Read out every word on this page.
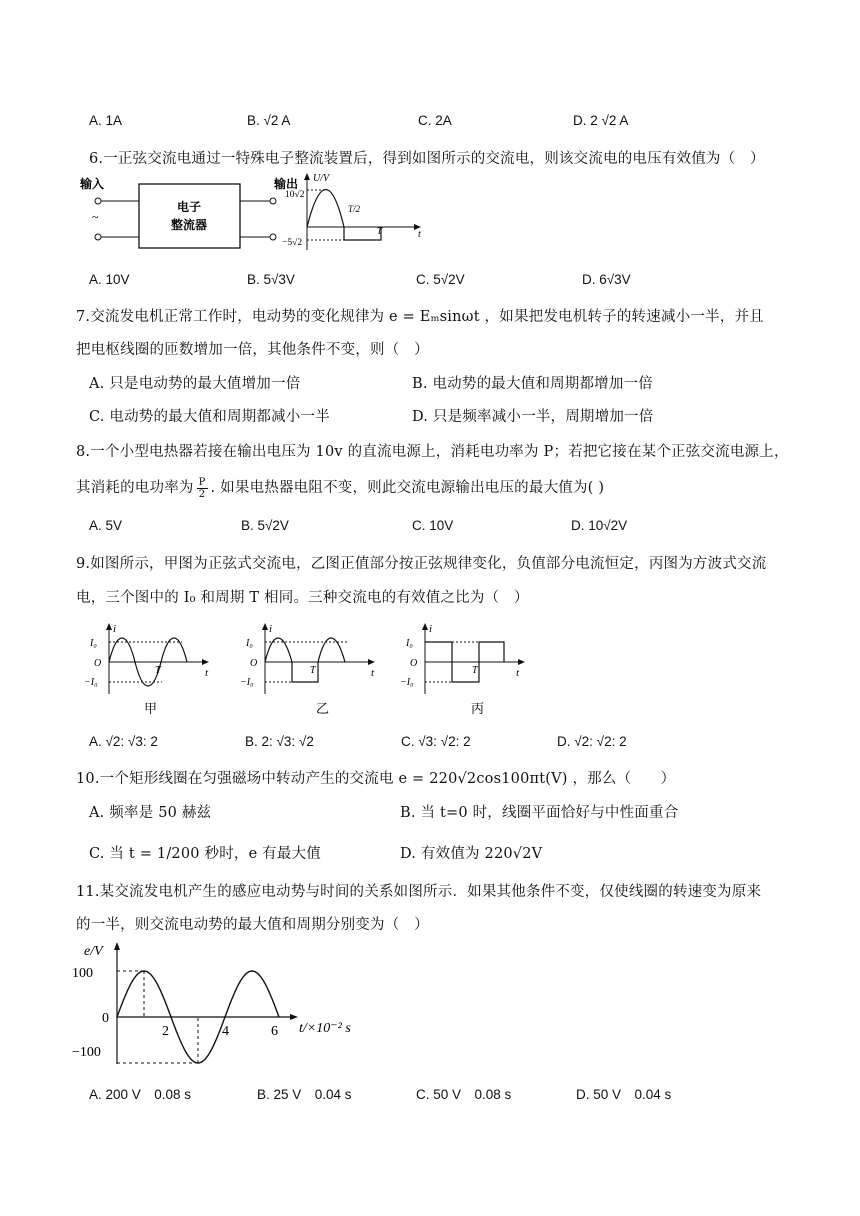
A. 1A	B. √2 A	C. 2A	D. 2 √2 A
6.一正弦交流电通过一特殊电子整流装置后，得到如图所示的交流电，则该交流电的电压有效值为（　）
输入	输出
~
电子
整流器
U/V
10√2
−5√2
t
T/2
T
A. 10V	B. 5√3V	C. 5√2V	D. 6√3V
7.交流发电机正常工作时，电动势的变化规律为 e = Eₘsinωt ，如果把发电机转子的转速减小一半，并且
把电枢线圈的匝数增加一倍，其他条件不变，则（　）
A. 只是电动势的最大值增加一倍	B. 电动势的最大值和周期都增加一倍
C. 电动势的最大值和周期都减小一半	D. 只是频率减小一半，周期增加一倍
8.一个小型电热器若接在输出电压为 10v 的直流电源上，消耗电功率为 P；若把它接在某个正弦交流电源上，
其消耗的电功率为 $\frac{P}{2}$ . 如果电热器电阻不变，则此交流电源输出电压的最大值为( )
A. 5V	B. 5√2V	C. 10V	D. 10√2V
9.如图所示，甲图为正弦式交流电，乙图正值部分按正弦规律变化，负值部分电流恒定，丙图为方波式交流
电，三个图中的 I₀ 和周期 T 相同。三种交流电的有效值之比为（　）
i
I₀
O
−I₀
t
T
甲
i
I₀
O
−I₀
t
T
乙
i
I₀
O
−I₀
t
T
丙
A. √2: √3: 2	B. 2: √3: √2	C. √3: √2: 2	D. √2: √2: 2
10.一个矩形线圈在匀强磁场中转动产生的交流电 e = 220√2cos100πt(V) ，那么（　　）
A. 频率是 50 赫兹	B. 当 t=0 时，线圈平面恰好与中性面重合
C. 当 t = 1/200 秒时，e 有最大值	D. 有效值为 220√2V
11.某交流发电机产生的感应电动势与时间的关系如图所示．如果其他条件不变，仅使线圈的转速变为原来
的一半，则交流电动势的最大值和周期分别变为（　）
e/V
t/×10⁻² s
100
0
−100
2	4	6
A. 200 V　0.08 s	B. 25 V　0.04 s	C. 50 V　0.08 s	D. 50 V　0.04 s
